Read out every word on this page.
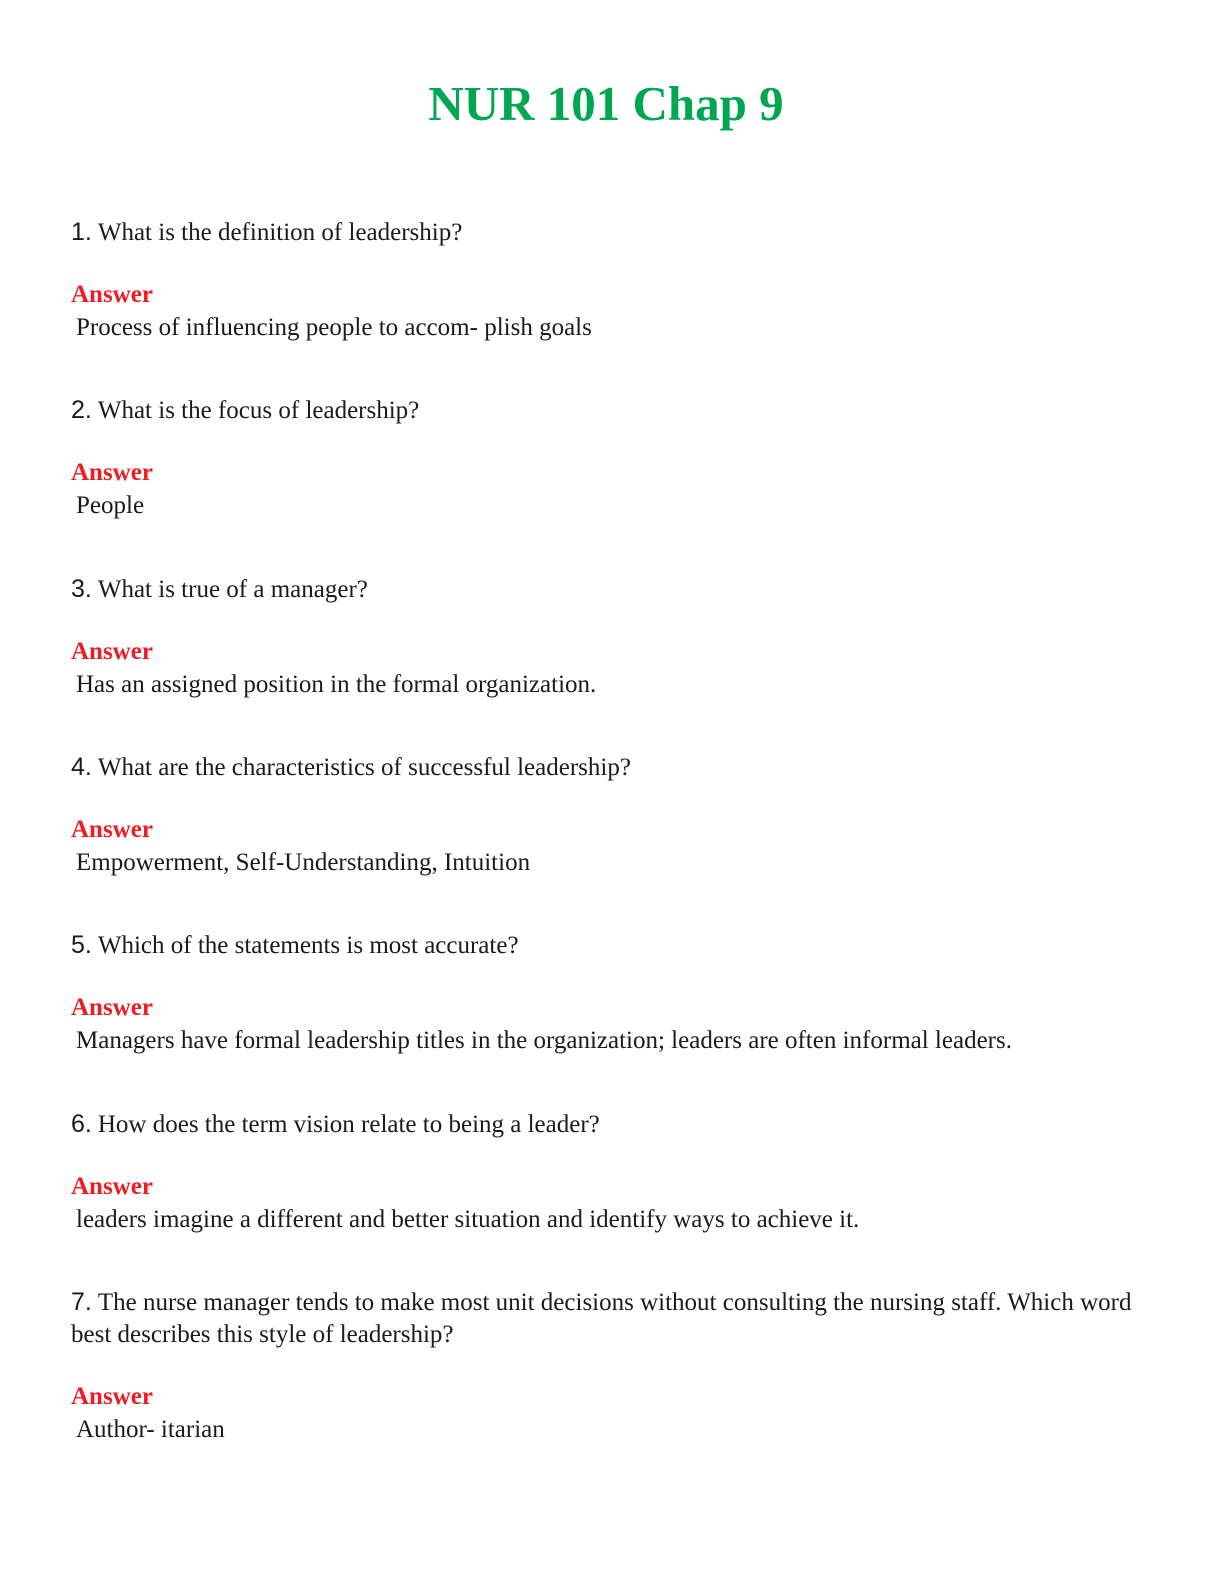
NUR 101 Chap 9

1. What is the definition of leadership?

Answer
Process of influencing people to accom- plish goals

2. What is the focus of leadership?

Answer
People

3. What is true of a manager?

Answer
Has an assigned position in the formal organization.

4. What are the characteristics of successful leadership?

Answer
Empowerment, Self-Understanding, Intuition

5. Which of the statements is most accurate?

Answer
Managers have formal leadership titles in the organization; leaders are often informal leaders.

6. How does the term vision relate to being a leader?

Answer
leaders imagine a different and better situation and identify ways to achieve it.

7. The nurse manager tends to make most unit decisions without consulting the nursing staff. Which word best describes this style of leadership?

Answer
Author- itarian
